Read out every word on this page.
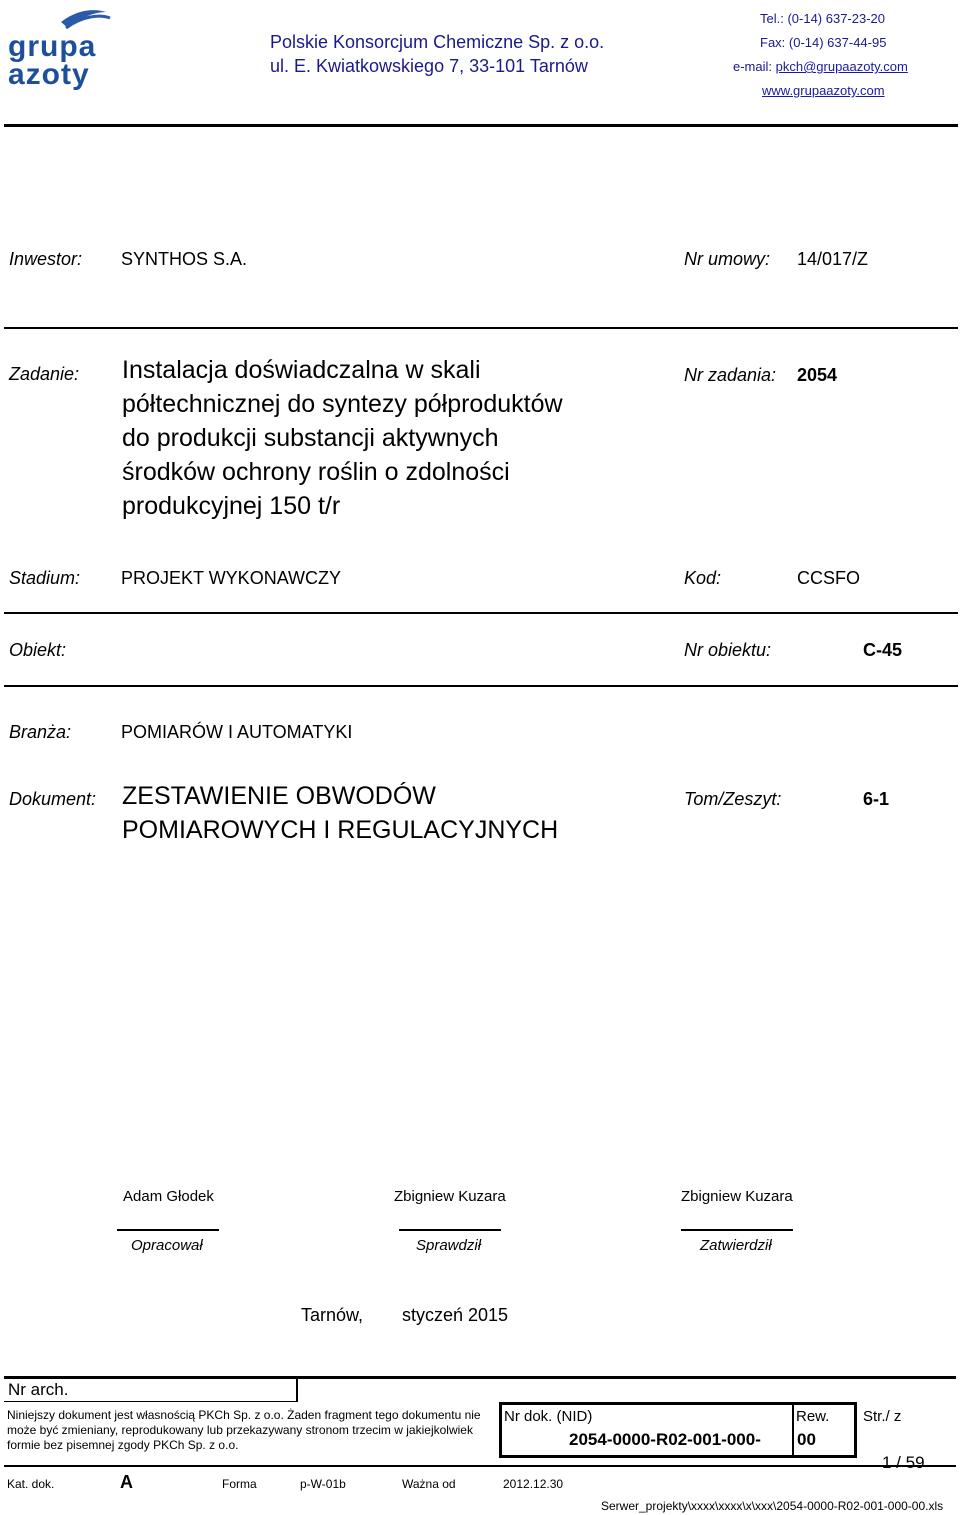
grupa
azoty
Polskie Konsorcjum Chemiczne Sp. z o.o.
ul. E. Kwiatkowskiego 7, 33-101 Tarnów
Tel.: (0-14) 637-23-20
Fax: (0-14) 637-44-95
e-mail: pkch@grupaazoty.com
www.grupaazoty.com
Inwestor: SYNTHOS S.A.	Nr umowy: 14/017/Z
Zadanie: Instalacja doświadczalna w skali
półtechnicznej do syntezy półproduktów
do produkcji substancji aktywnych
środków ochrony roślin o zdolności
produkcyjnej 150 t/r
Nr zadania: 2054
Stadium: PROJEKT WYKONAWCZY	Kod:	CCSFO
Obiekt:	Nr obiektu:	C-45
Branża:	POMIARÓW I AUTOMATYKI
Dokument: ZESTAWIENIE OBWODÓW
POMIAROWYCH I REGULACYJNYCH
Tom/Zeszyt:	6-1
Adam Głodek
Opracował
Zbigniew Kuzara
Sprawdził
Zbigniew Kuzara
Zatwierdził
Tarnów, styczeń 2015
Nr arch.
Niniejszy dokument jest własnością PKCh Sp. z o.o. Żaden fragment tego dokumentu nie
może być zmieniany, reprodukowany lub przekazywany stronom trzecim w jakiejkolwiek
formie bez pisemnej zgody PKCh Sp. z o.o.
Nr dok. (NID)
2054-0000-R02-001-000-
Rew.
00
Str./ z
1 / 59
Kat. dok.	A	Forma	p-W-01b	Ważna od	2012.12.30
Serwer_projekty\xxxx\xxxx\x\xxx\2054-0000-R02-001-000-00.xls
